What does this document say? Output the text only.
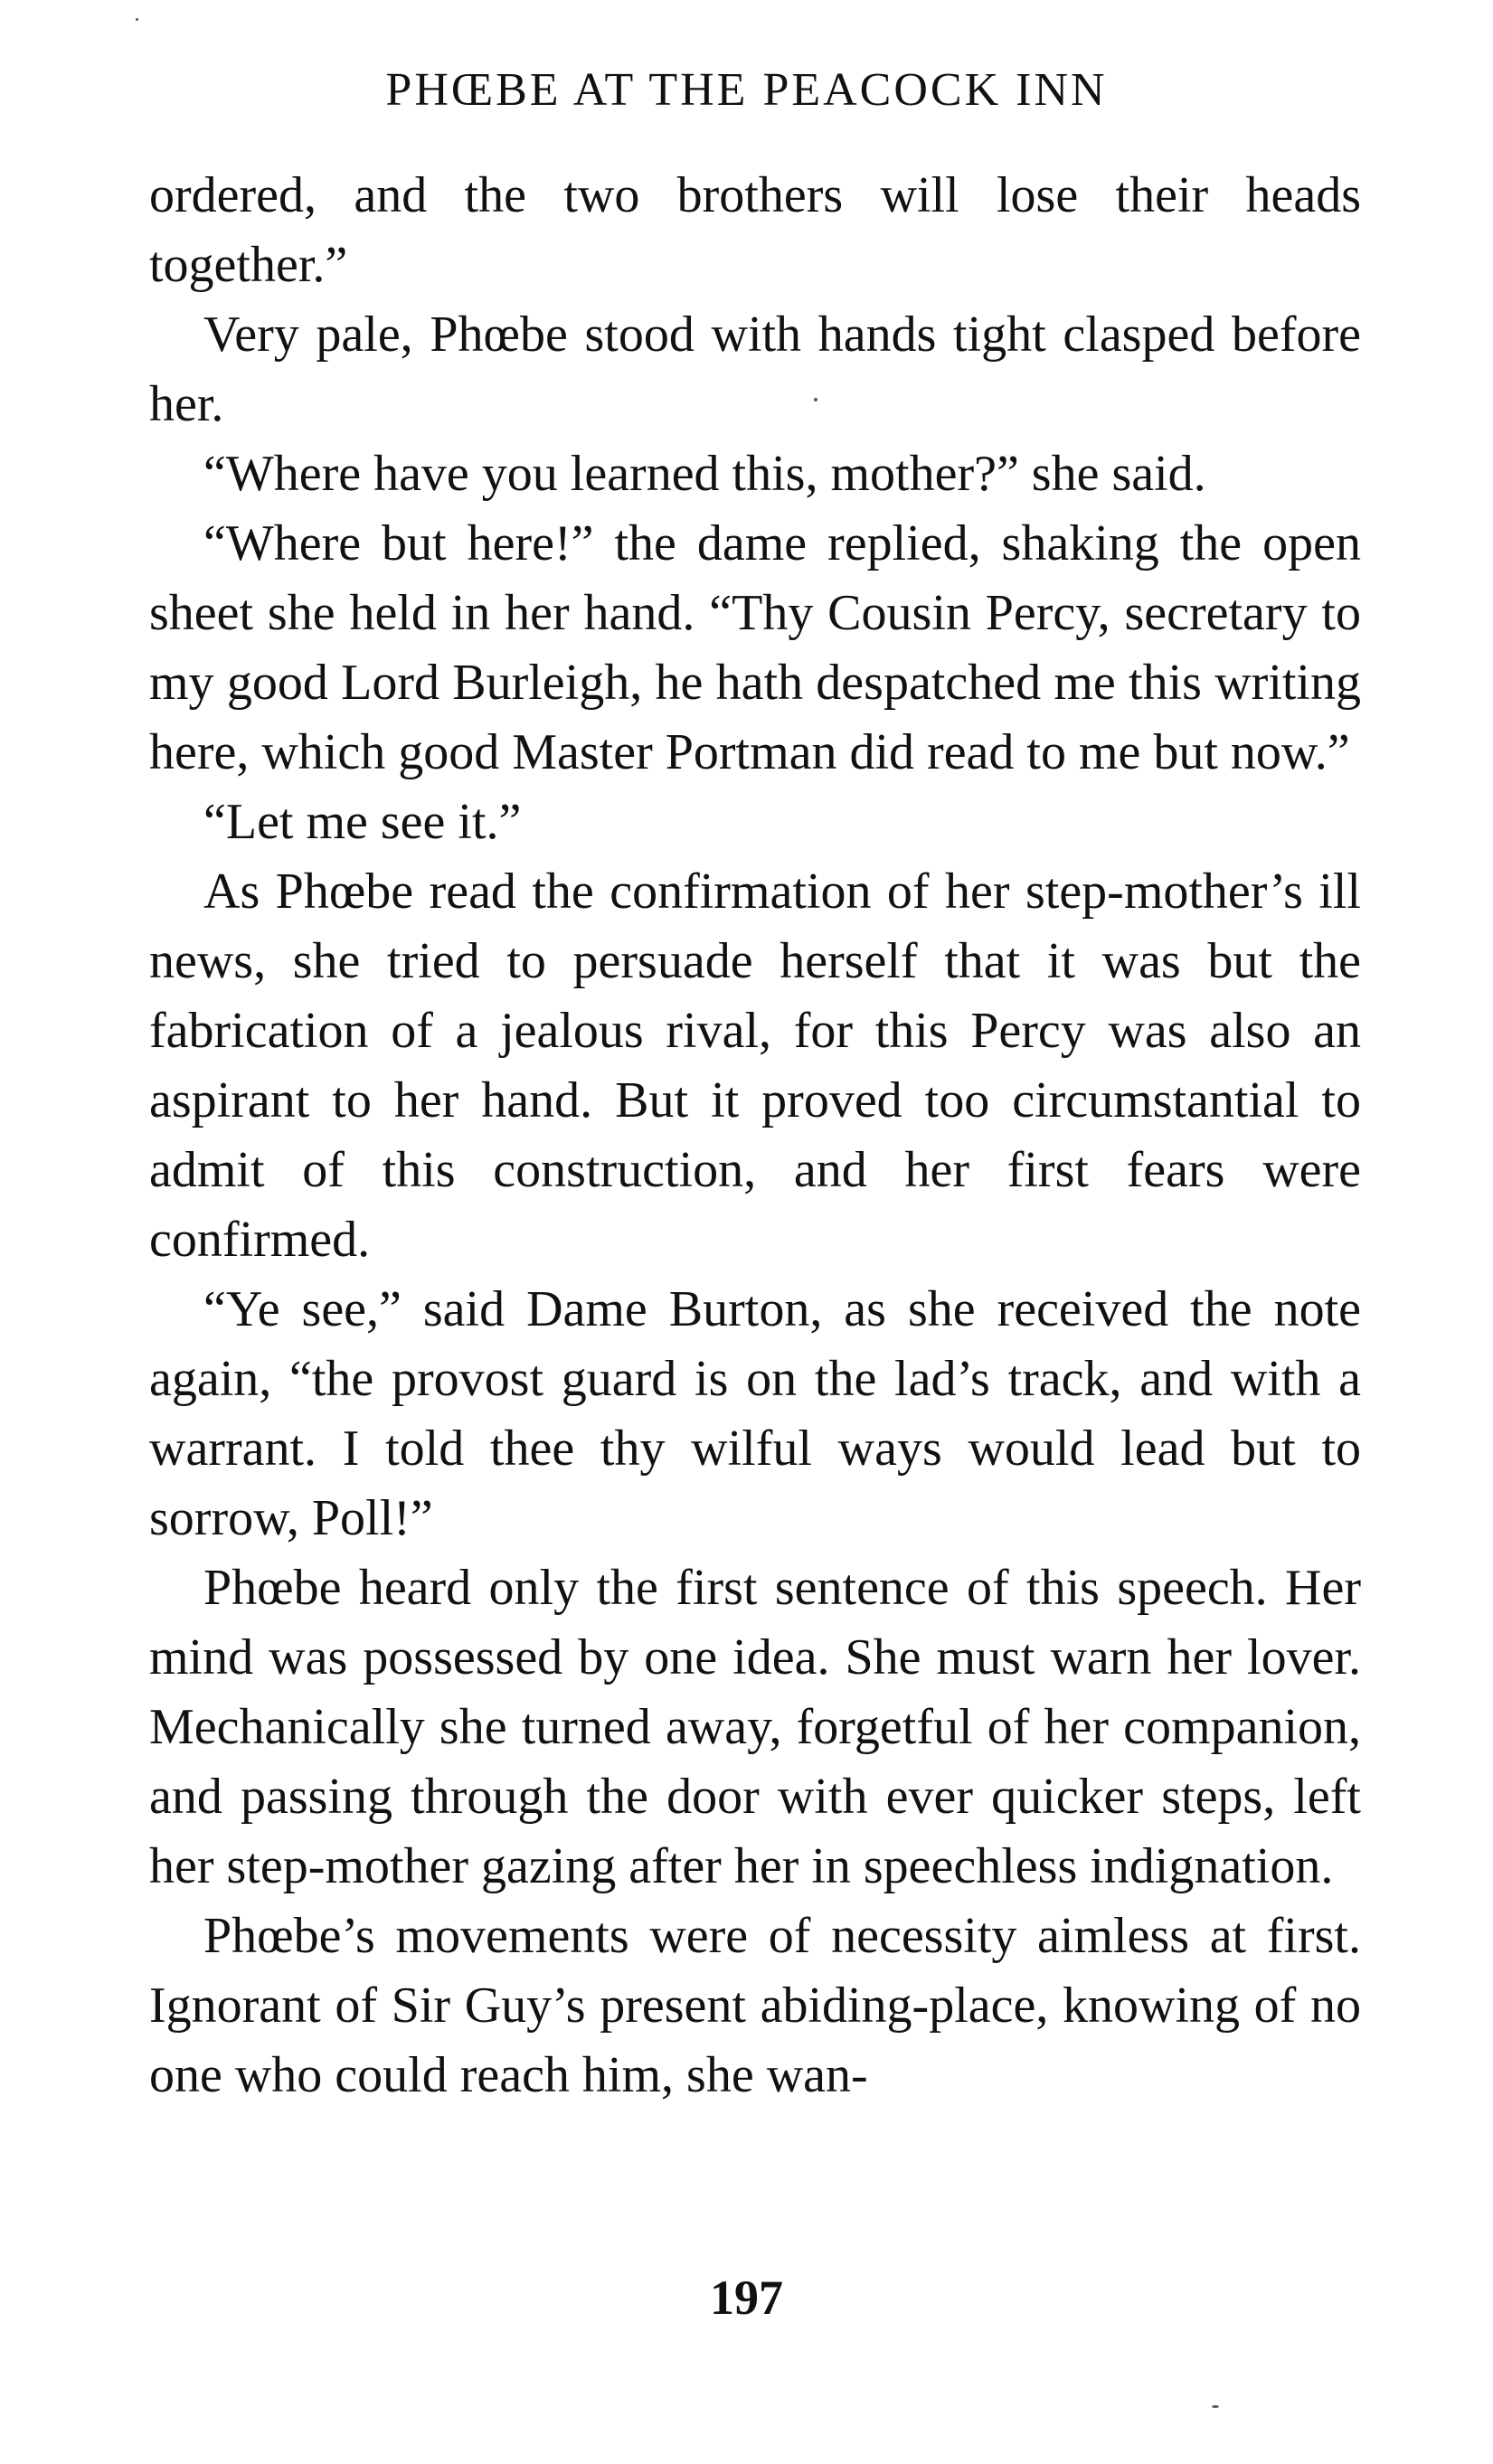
PHŒBE AT THE PEACOCK INN

ordered, and the two brothers will lose their heads together.”

Very pale, Phœbe stood with hands tight clasped before her.

“Where have you learned this, mother?” she said.

“Where but here!” the dame replied, shaking the open sheet she held in her hand. “Thy Cousin Percy, secretary to my good Lord Burleigh, he hath despatched me this writing here, which good Master Portman did read to me but now.”

“Let me see it.”

As Phœbe read the confirmation of her step-mother’s ill news, she tried to persuade herself that it was but the fabrication of a jealous rival, for this Percy was also an aspirant to her hand. But it proved too circumstantial to admit of this construction, and her first fears were confirmed.

“Ye see,” said Dame Burton, as she received the note again, “the provost guard is on the lad’s track, and with a warrant. I told thee thy wilful ways would lead but to sorrow, Poll!”

Phœbe heard only the first sentence of this speech. Her mind was possessed by one idea. She must warn her lover. Mechanically she turned away, forgetful of her companion, and passing through the door with ever quicker steps, left her step-mother gazing after her in speechless indignation.

Phœbe’s movements were of necessity aimless at first. Ignorant of Sir Guy’s present abiding-place, knowing of no one who could reach him, she wan-

197
